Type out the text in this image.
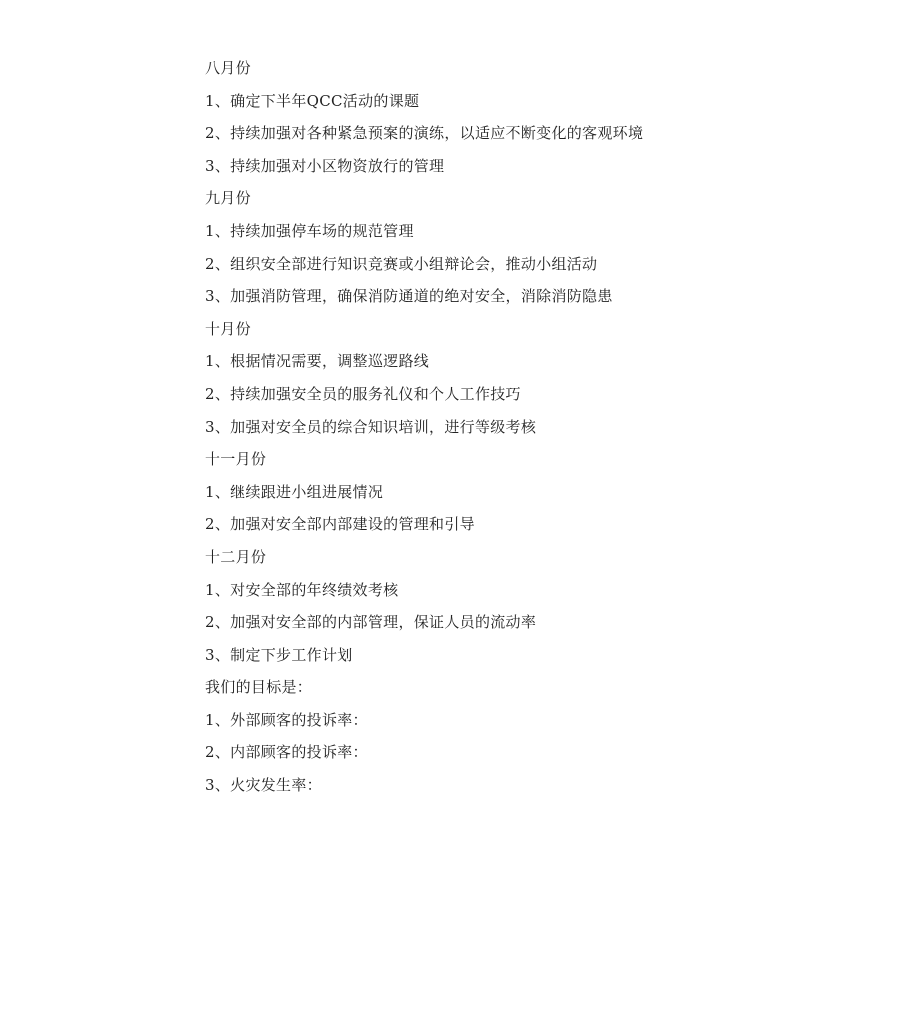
八月份
1、确定下半年QCC活动的课题
2、持续加强对各种紧急预案的演练，以适应不断变化的客观环境
3、持续加强对小区物资放行的管理
九月份
1、持续加强停车场的规范管理
2、组织安全部进行知识竞赛或小组辩论会，推动小组活动
3、加强消防管理，确保消防通道的绝对安全，消除消防隐患
十月份
1、根据情况需要，调整巡逻路线
2、持续加强安全员的服务礼仪和个人工作技巧
3、加强对安全员的综合知识培训，进行等级考核
十一月份
1、继续跟进小组进展情况
2、加强对安全部内部建设的管理和引导
十二月份
1、对安全部的年终绩效考核
2、加强对安全部的内部管理，保证人员的流动率
3、制定下步工作计划
我们的目标是：
1、外部顾客的投诉率：
2、内部顾客的投诉率：
3、火灾发生率：
